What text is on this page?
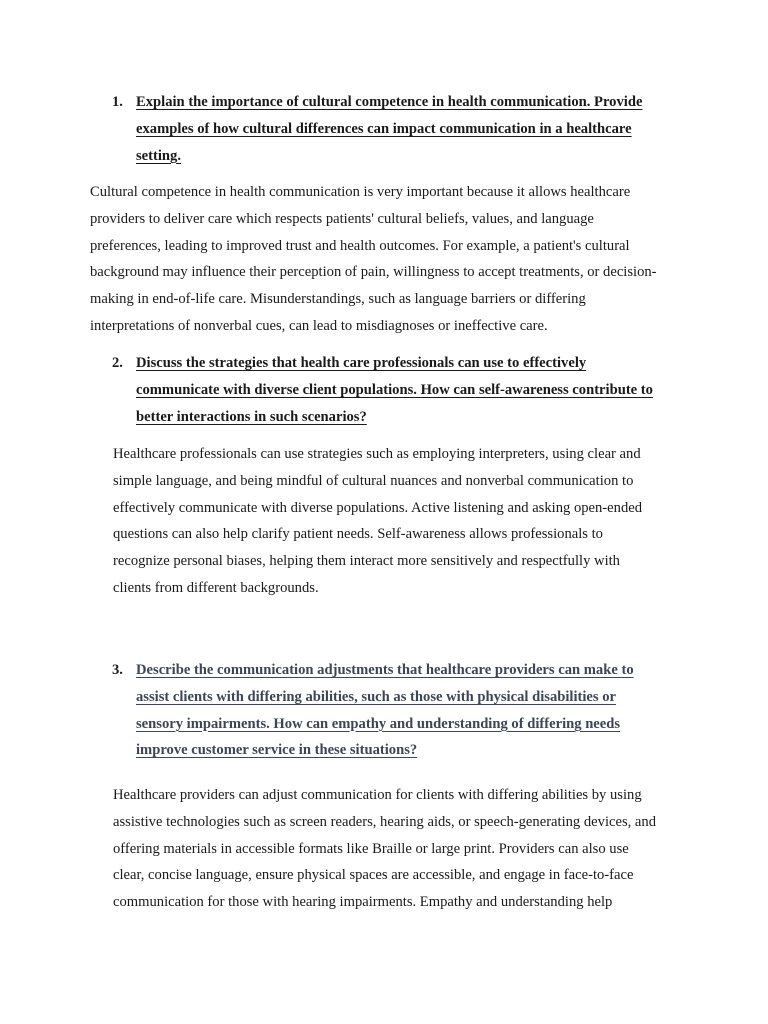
1. Explain the importance of cultural competence in health communication. Provide
examples of how cultural differences can impact communication in a healthcare
setting.
Cultural competence in health communication is very important because it allows healthcare
providers to deliver care which respects patients' cultural beliefs, values, and language
preferences, leading to improved trust and health outcomes. For example, a patient's cultural
background may influence their perception of pain, willingness to accept treatments, or decision-
making in end-of-life care. Misunderstandings, such as language barriers or differing
interpretations of nonverbal cues, can lead to misdiagnoses or ineffective care.
2. Discuss the strategies that health care professionals can use to effectively
communicate with diverse client populations. How can self-awareness contribute to
better interactions in such scenarios?
Healthcare professionals can use strategies such as employing interpreters, using clear and
simple language, and being mindful of cultural nuances and nonverbal communication to
effectively communicate with diverse populations. Active listening and asking open-ended
questions can also help clarify patient needs. Self-awareness allows professionals to
recognize personal biases, helping them interact more sensitively and respectfully with
clients from different backgrounds.
3. Describe the communication adjustments that healthcare providers can make to
assist clients with differing abilities, such as those with physical disabilities or
sensory impairments. How can empathy and understanding of differing needs
improve customer service in these situations?
Healthcare providers can adjust communication for clients with differing abilities by using
assistive technologies such as screen readers, hearing aids, or speech-generating devices, and
offering materials in accessible formats like Braille or large print. Providers can also use
clear, concise language, ensure physical spaces are accessible, and engage in face-to-face
communication for those with hearing impairments. Empathy and understanding help
